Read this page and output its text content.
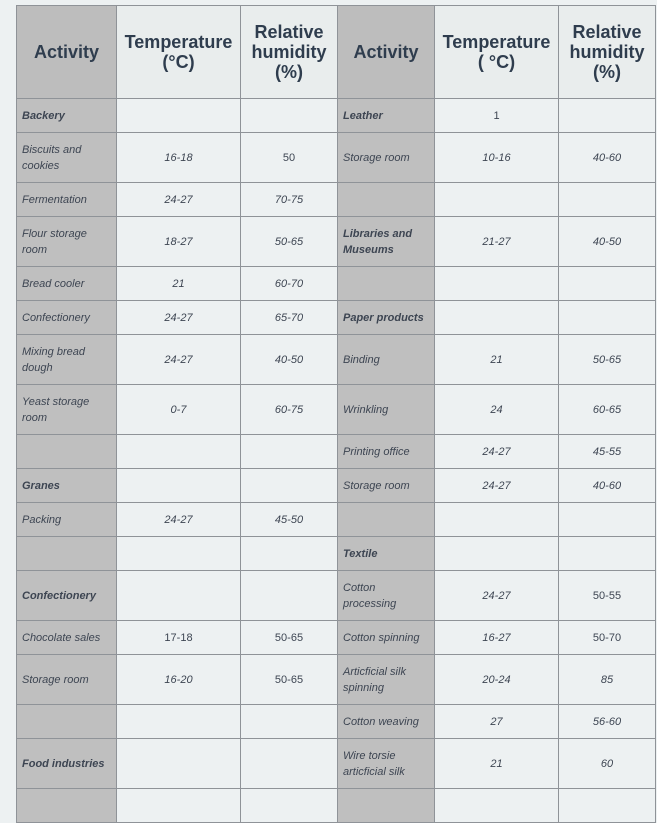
Activity	Temperature (°C)	Relative humidity (%)	Activity	Temperature ( °C)	Relative humidity (%)
Backery			Leather	1	
Biscuits and cookies	16-18	50	Storage room	10-16	40-60
Fermentation	24-27	70-75			
Flour storage room	18-27	50-65	Libraries and Museums	21-27	40-50
Bread cooler	21	60-70			
Confectionery	24-27	65-70	Paper products		
Mixing bread dough	24-27	40-50	Binding	21	50-65
Yeast storage room	0-7	60-75	Wrinkling	24	60-65
			Printing office	24-27	45-55
Granes			Storage room	24-27	40-60
Packing	24-27	45-50			
			Textile		
Confectionery			Cotton processing	24-27	50-55
Chocolate sales	17-18	50-65	Cotton spinning	16-27	50-70
Storage room	16-20	50-65	Articficial silk spinning	20-24	85
			Cotton weaving	27	56-60
Food industries			Wire torsie articficial silk	21	60
